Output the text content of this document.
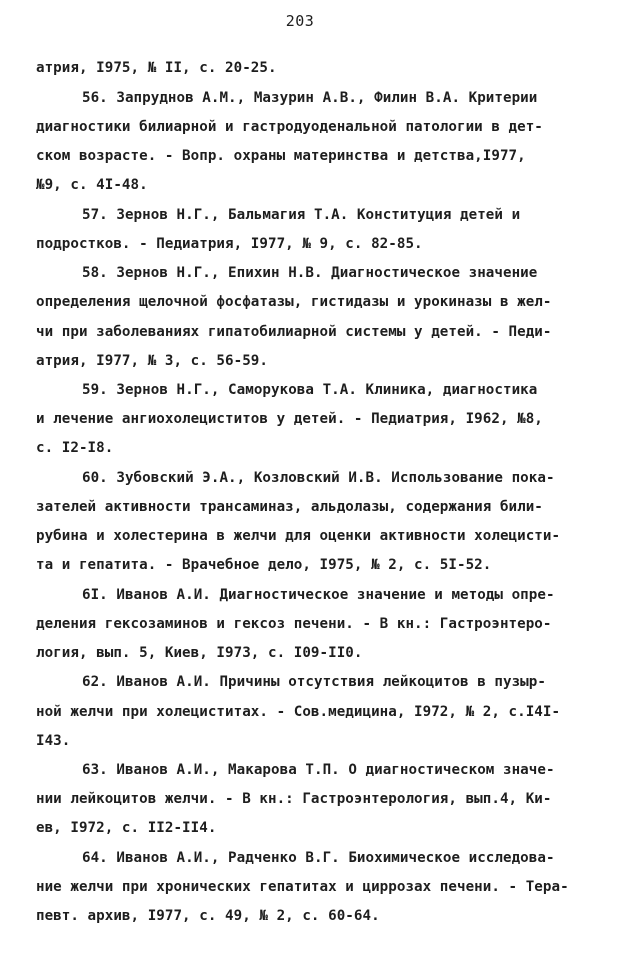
203
атрия, I975, № II, с. 20-25.
56. Запруднов А.М., Мазурин А.В., Филин В.А. Критерии
диагностики билиарной и гастродуоденальной патологии в дет-
ском возрасте. - Вопр. охраны материнства и детства,I977,
№9, с. 4I-48.
57. Зернов Н.Г., Бальмагия Т.А. Конституция детей и
подростков. - Педиатрия, I977, № 9, с. 82-85.
58. Зернов Н.Г., Епихин Н.В. Диагностическое значение
определения щелочной фосфатазы, гистидазы и урокиназы в жел-
чи при заболеваниях гипатобилиарной системы у детей. - Педи-
атрия, I977, № 3, с. 56-59.
59. Зернов Н.Г., Саморукова Т.А. Клиника, диагностика
и лечение ангиохолециститов у детей. - Педиатрия, I962, №8,
с. I2-I8.
60. Зубовский Э.А., Козловский И.В. Использование пока-
зателей активности трансаминаз, альдолазы, содержания били-
рубина и холестерина в желчи для оценки активности холецисти-
та и гепатита. - Врачебное дело, I975, № 2, с. 5I-52.
6I. Иванов А.И. Диагностическое значение и методы опре-
деления гексозаминов и гексоз печени. - В кн.: Гастроэнтеро-
логия, вып. 5, Киев, I973, с. I09-II0.
62. Иванов А.И. Причины отсутствия лейкоцитов в пузыр-
ной желчи при холециститах. - Сов.медицина, I972, № 2, с.I4I-
I43.
63. Иванов А.И., Макарова Т.П. О диагностическом значе-
нии лейкоцитов желчи. - В кн.: Гастроэнтерология, вып.4, Ки-
ев, I972, с. II2-II4.
64. Иванов А.И., Радченко В.Г. Биохимическое исследова-
ние желчи при хронических гепатитах и циррозах печени. - Тера-
певт. архив, I977, с. 49, № 2, с. 60-64.
